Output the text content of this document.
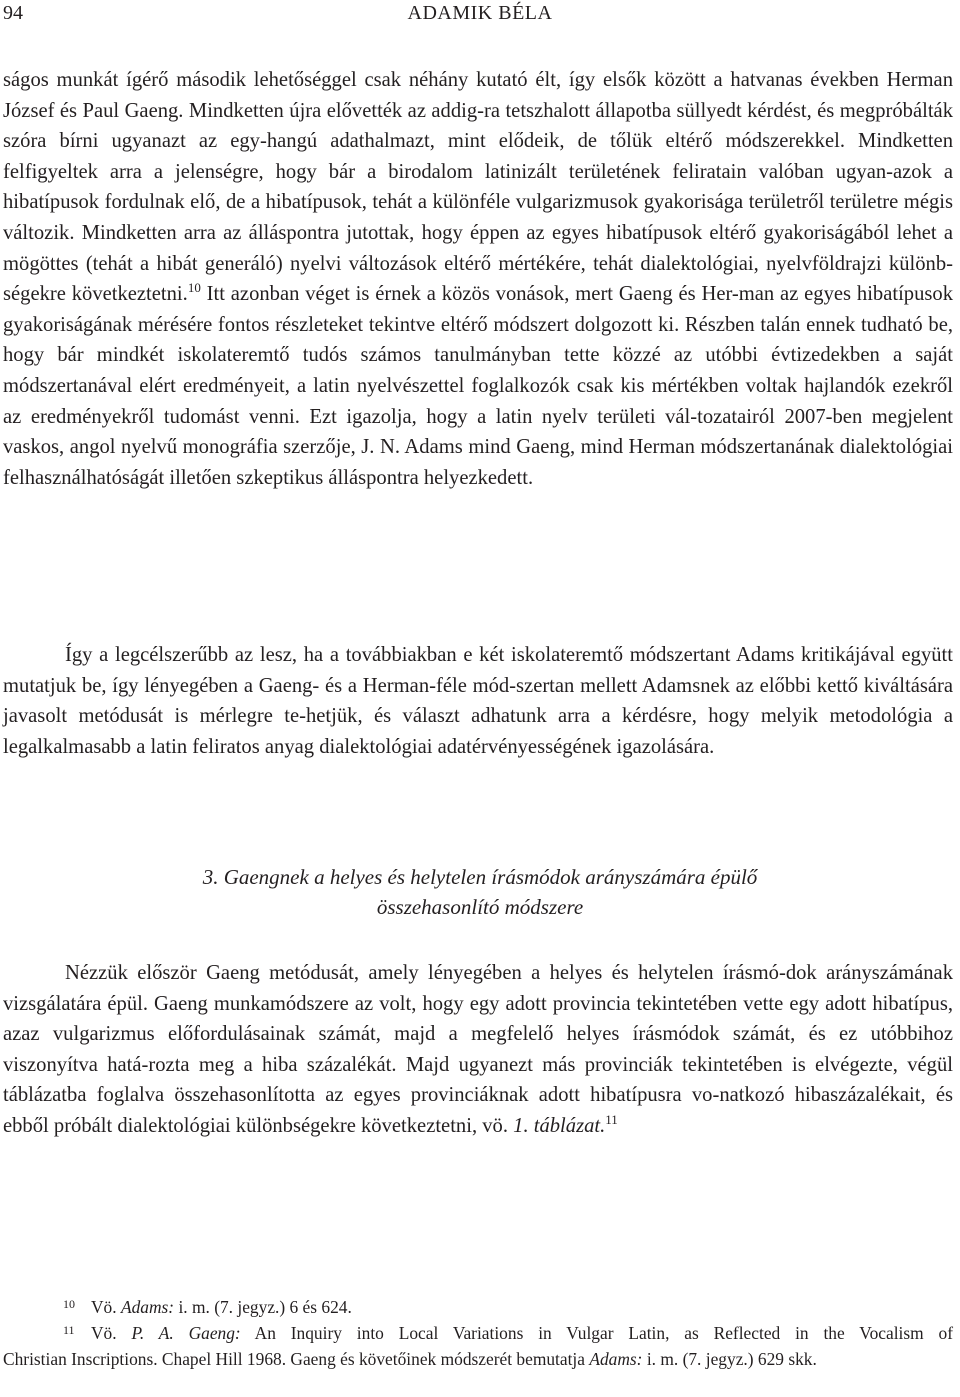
94	ADAMIK BÉLA

ságos munkát ígérő második lehetőséggel csak néhány kutató élt, így elsők között a hatvanas években Herman József és Paul Gaeng. Mindketten újra elővették az addig-ra tetszhalott állapotba süllyedt kérdést, és megpróbálták szóra bírni ugyanazt az egy-hangú adathalmazt, mint elődeik, de tőlük eltérő módszerekkel. Mindketten felfigyeltek arra a jelenségre, hogy bár a birodalom latinizált területének feliratain valóban ugyan-azok a hibatípusok fordulnak elő, de a hibatípusok, tehát a különféle vulgarizmusok gyakorisága területről területre mégis változik. Mindketten arra az álláspontra jutottak, hogy éppen az egyes hibatípusok eltérő gyakoriságából lehet a mögöttes (tehát a hibát generáló) nyelvi változások eltérő mértékére, tehát dialektológiai, nyelvföldrajzi különb-ségekre következtetni.$^{10}$ Itt azonban véget is érnek a közös vonások, mert Gaeng és Her-man az egyes hibatípusok gyakoriságának mérésére fontos részleteket tekintve eltérő módszert dolgozott ki. Részben talán ennek tudható be, hogy bár mindkét iskolateremtő tudós számos tanulmányban tette közzé az utóbbi évtizedekben a saját módszertanával elért eredményeit, a latin nyelvészettel foglalkozók csak kis mértékben voltak hajlandók ezekről az eredményekről tudomást venni. Ezt igazolja, hogy a latin nyelv területi vál-tozatairól 2007-ben megjelent vaskos, angol nyelvű monográfia szerzője, J. N. Adams mind Gaeng, mind Herman módszertanának dialektológiai felhasználhatóságát illetően szkeptikus álláspontra helyezkedett.

Így a legcélszerűbb az lesz, ha a továbbiakban e két iskolateremtő módszertant Adams kritikájával együtt mutatjuk be, így lényegében a Gaeng- és a Herman-féle mód-szertan mellett Adamsnek az előbbi kettő kiváltására javasolt metódusát is mérlegre te-hetjük, és választ adhatunk arra a kérdésre, hogy melyik metodológia a legalkalmasabb a latin feliratos anyag dialektológiai adatérvényességének igazolására.

3. Gaengnek a helyes és helytelen írásmódok arányszámára épülő
összehasonlító módszere

Nézzük először Gaeng metódusát, amely lényegében a helyes és helytelen írásmó-dok arányszámának vizsgálatára épül. Gaeng munkamódszere az volt, hogy egy adott provincia tekintetében vette egy adott hibatípus, azaz vulgarizmus előfordulásainak számát, majd a megfelelő helyes írásmódok számát, és ez utóbbihoz viszonyítva hatá-rozta meg a hiba százalékát. Majd ugyanezt más provinciák tekintetében is elvégezte, végül táblázatba foglalva összehasonlította az egyes provinciáknak adott hibatípusra vo-natkozó hibaszázalékait, és ebből próbált dialektológiai különbségekre következtetni, vö. 1. táblázat.$^{11}$

10 Vö. Adams: i. m. (7. jegyz.) 6 és 624.

11 Vö. P. A. Gaeng: An Inquiry into Local Variations in Vulgar Latin, as Reflected in the Vocalism of
Christian Inscriptions. Chapel Hill 1968. Gaeng és követőinek módszerét bemutatja Adams: i. m. (7. jegyz.) 629 skk.
